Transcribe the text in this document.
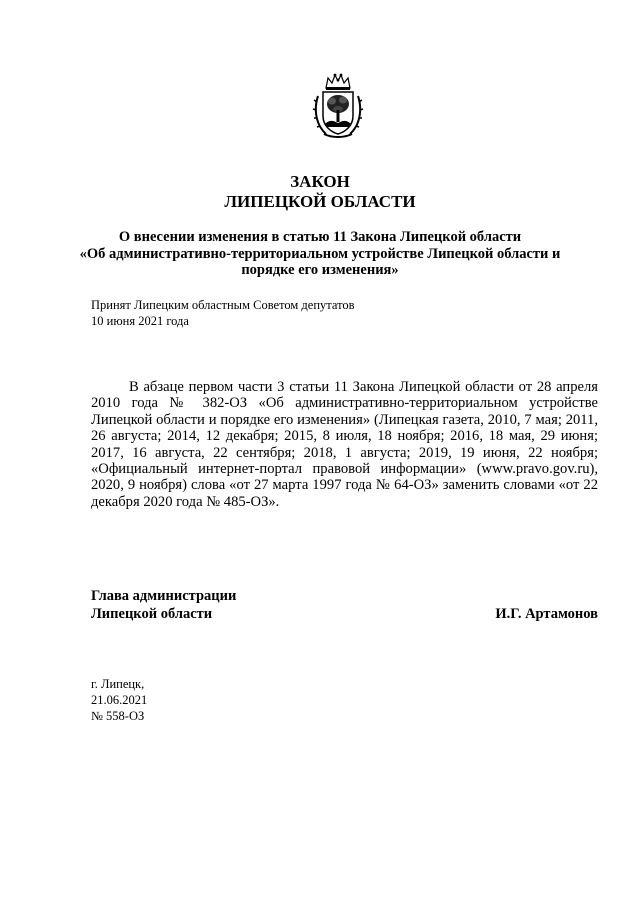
ЗАКОН
ЛИПЕЦКОЙ ОБЛАСТИ
О внесении изменения в статью 11 Закона Липецкой области
«Об административно-территориальном устройстве Липецкой области и
порядке его изменения»
Принят Липецким областным Советом депутатов
10 июня 2021 года
В абзаце первом части 3 статьи 11 Закона Липецкой области от 28 апреля 2010 года № 382-ОЗ «Об административно-территориальном устройстве Липецкой области и порядке его изменения» (Липецкая газета, 2010, 7 мая; 2011, 26 августа; 2014, 12 декабря; 2015, 8 июля, 18 ноября; 2016, 18 мая, 29 июня; 2017, 16 августа, 22 сентября; 2018, 1 августа; 2019, 19 июня, 22 ноября; «Официальный интернет-портал правовой информации» (www.pravo.gov.ru), 2020, 9 ноября) слова «от 27 марта 1997 года № 64-ОЗ» заменить словами «от 22 декабря 2020 года № 485-ОЗ».
Глава администрации
Липецкой области	И.Г. Артамонов
г. Липецк,
21.06.2021
№ 558-ОЗ
